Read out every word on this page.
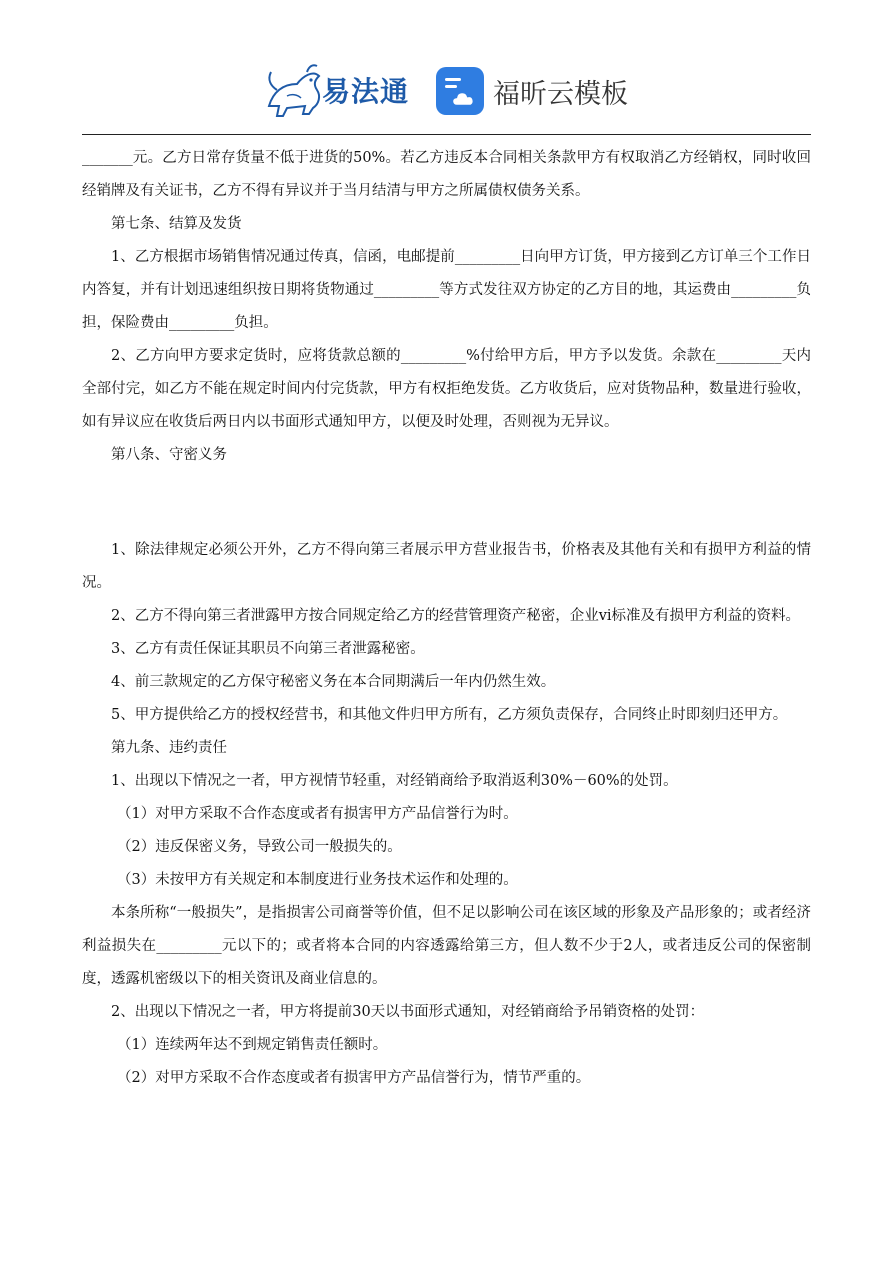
易法通	福昕云模板

_______元。乙方日常存货量不低于进货的50%。若乙方违反本合同相关条款甲方有权取消乙方经销权，同时收回经销牌及有关证书，乙方不得有异议并于当月结清与甲方之所属债权债务关系。

第七条、结算及发货

1、乙方根据市场销售情况通过传真，信函，电邮提前_________日向甲方订货，甲方接到乙方订单三个工作日内答复，并有计划迅速组织按日期将货物通过_________等方式发往双方协定的乙方目的地，其运费由_________负担，保险费由_________负担。

2、乙方向甲方要求定货时，应将货款总额的_________%付给甲方后，甲方予以发货。余款在_________天内全部付完，如乙方不能在规定时间内付完货款，甲方有权拒绝发货。乙方收货后，应对货物品种，数量进行验收，如有异议应在收货后两日内以书面形式通知甲方，以便及时处理，否则视为无异议。

第八条、守密义务

1、除法律规定必须公开外，乙方不得向第三者展示甲方营业报告书，价格表及其他有关和有损甲方利益的情况。

2、乙方不得向第三者泄露甲方按合同规定给乙方的经营管理资产秘密，企业vi标准及有损甲方利益的资料。

3、乙方有责任保证其职员不向第三者泄露秘密。

4、前三款规定的乙方保守秘密义务在本合同期满后一年内仍然生效。

5、甲方提供给乙方的授权经营书，和其他文件归甲方所有，乙方须负责保存，合同终止时即刻归还甲方。

第九条、违约责任

1、出现以下情况之一者，甲方视情节轻重，对经销商给予取消返利30%－60%的处罚。

（1）对甲方采取不合作态度或者有损害甲方产品信誉行为时。

（2）违反保密义务，导致公司一般损失的。

（3）未按甲方有关规定和本制度进行业务技术运作和处理的。

本条所称“一般损失”，是指损害公司商誉等价值，但不足以影响公司在该区域的形象及产品形象的；或者经济利益损失在_________元以下的；或者将本合同的内容透露给第三方，但人数不少于2人，或者违反公司的保密制度，透露机密级以下的相关资讯及商业信息的。

2、出现以下情况之一者，甲方将提前30天以书面形式通知，对经销商给予吊销资格的处罚：

（1）连续两年达不到规定销售责任额时。

（2）对甲方采取不合作态度或者有损害甲方产品信誉行为，情节严重的。
